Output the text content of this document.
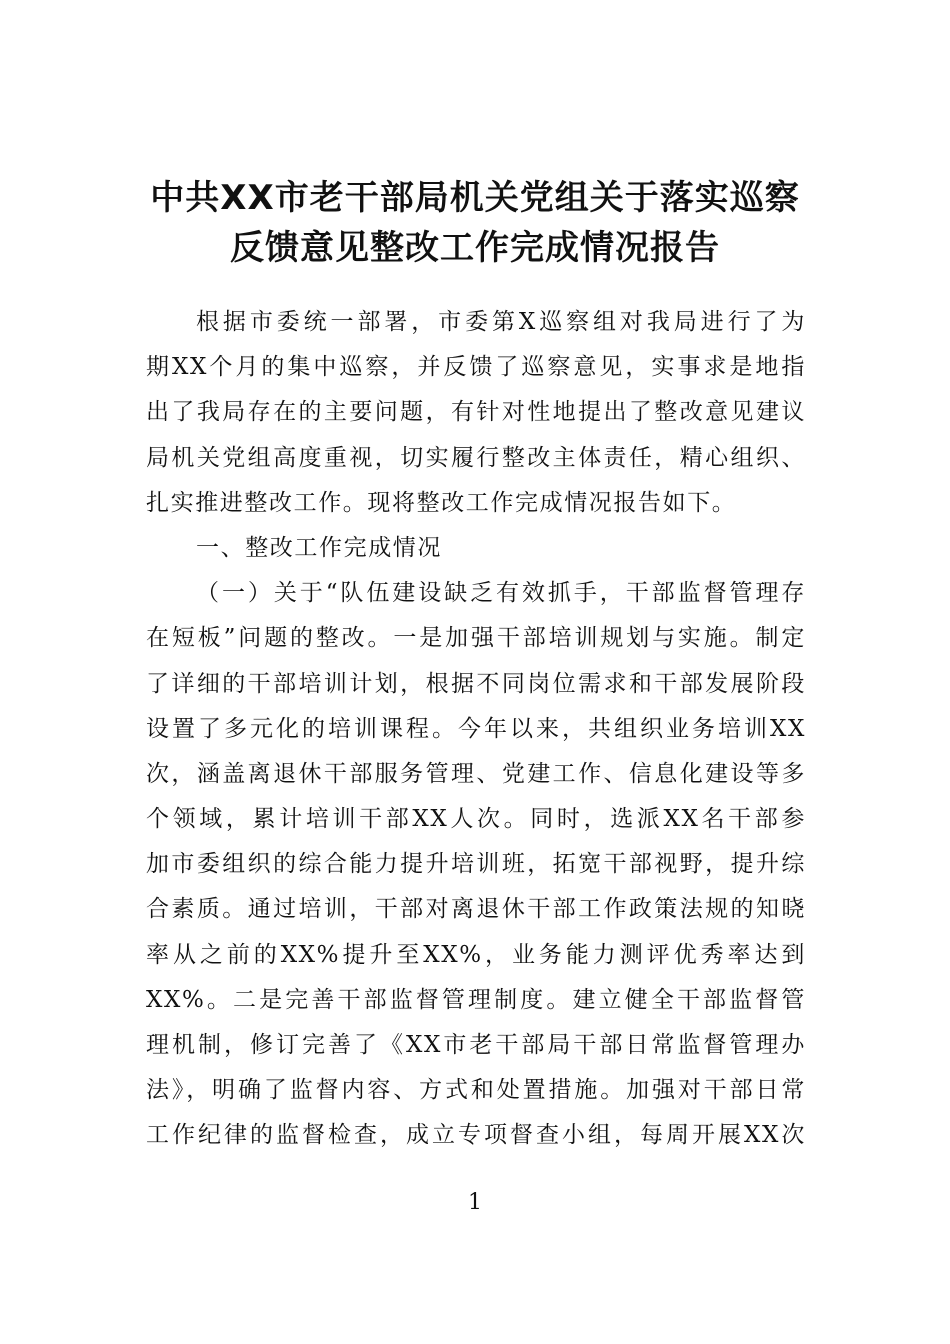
中共XX市老干部局机关党组关于落实巡察
反馈意见整改工作完成情况报告
根据市委统一部署，市委第X巡察组对我局进行了为
期XX个月的集中巡察，并反馈了巡察意见，实事求是地指
出了我局存在的主要问题，有针对性地提出了整改意见建议
局机关党组高度重视，切实履行整改主体责任，精心组织、
扎实推进整改工作。现将整改工作完成情况报告如下。
一、整改工作完成情况
（一）关于“队伍建设缺乏有效抓手，干部监督管理存
在短板”问题的整改。一是加强干部培训规划与实施。制定
了详细的干部培训计划，根据不同岗位需求和干部发展阶段
设置了多元化的培训课程。今年以来，共组织业务培训XX
次，涵盖离退休干部服务管理、党建工作、信息化建设等多
个领域，累计培训干部XX人次。同时，选派XX名干部参
加市委组织的综合能力提升培训班，拓宽干部视野，提升综
合素质。通过培训，干部对离退休干部工作政策法规的知晓
率从之前的XX%提升至XX%，业务能力测评优秀率达到
XX%。二是完善干部监督管理制度。建立健全干部监督管
理机制，修订完善了《XX市老干部局干部日常监督管理办
法》，明确了监督内容、方式和处置措施。加强对干部日常
工作纪律的监督检查，成立专项督查小组，每周开展XX次
1
